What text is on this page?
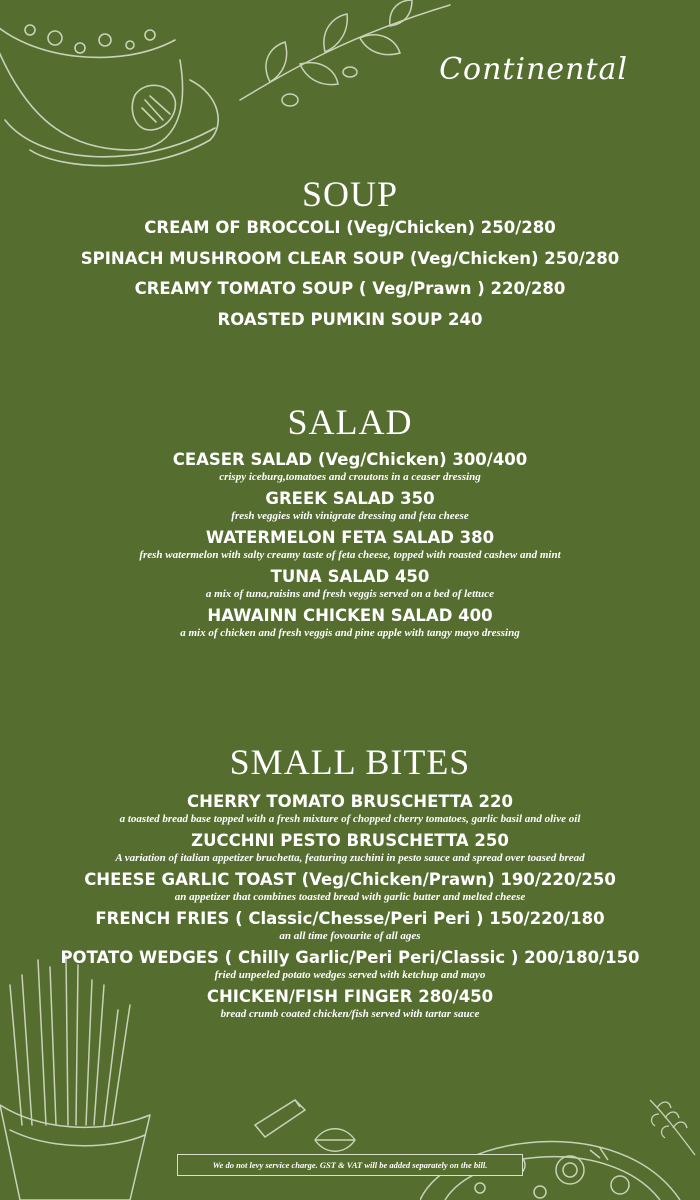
Continental
SOUP
CREAM OF BROCCOLI (Veg/Chicken) 250/280
SPINACH MUSHROOM CLEAR SOUP (Veg/Chicken) 250/280
CREAMY TOMATO SOUP ( Veg/Prawn ) 220/280
ROASTED PUMKIN SOUP 240
SALAD
CEASER SALAD (Veg/Chicken) 300/400
crispy iceburg,tomatoes and croutons in a ceaser dressing
GREEK SALAD 350
fresh veggies with vinigrate dressing and feta cheese
WATERMELON FETA SALAD 380
fresh watermelon with salty creamy taste of feta cheese, topped with roasted cashew and mint
TUNA SALAD 450
a mix of tuna,raisins and fresh veggis served on a bed of lettuce
HAWAINN CHICKEN SALAD 400
a mix of chicken and fresh veggis and pine apple with tangy mayo dressing
SMALL BITES
CHERRY TOMATO BRUSCHETTA 220
a toasted bread base topped with a fresh mixture of chopped cherry tomatoes, garlic basil and olive oil
ZUCCHNI PESTO BRUSCHETTA 250
A variation of italian appetizer bruchetta, featuring zuchini in pesto sauce and spread over toased bread
CHEESE GARLIC TOAST (Veg/Chicken/Prawn) 190/220/250
an appetizer that combines toasted bread with garlic butter and melted cheese
FRENCH FRIES ( Classic/Chesse/Peri Peri ) 150/220/180
an all time fovourite of all ages
POTATO WEDGES ( Chilly Garlic/Peri Peri/Classic ) 200/180/150
fried unpeeled potato wedges served with ketchup and mayo
CHICKEN/FISH FINGER 280/450
bread crumb coated chicken/fish served with tartar sauce
We do not levy service charge. GST & VAT will be added separately on the bill.
